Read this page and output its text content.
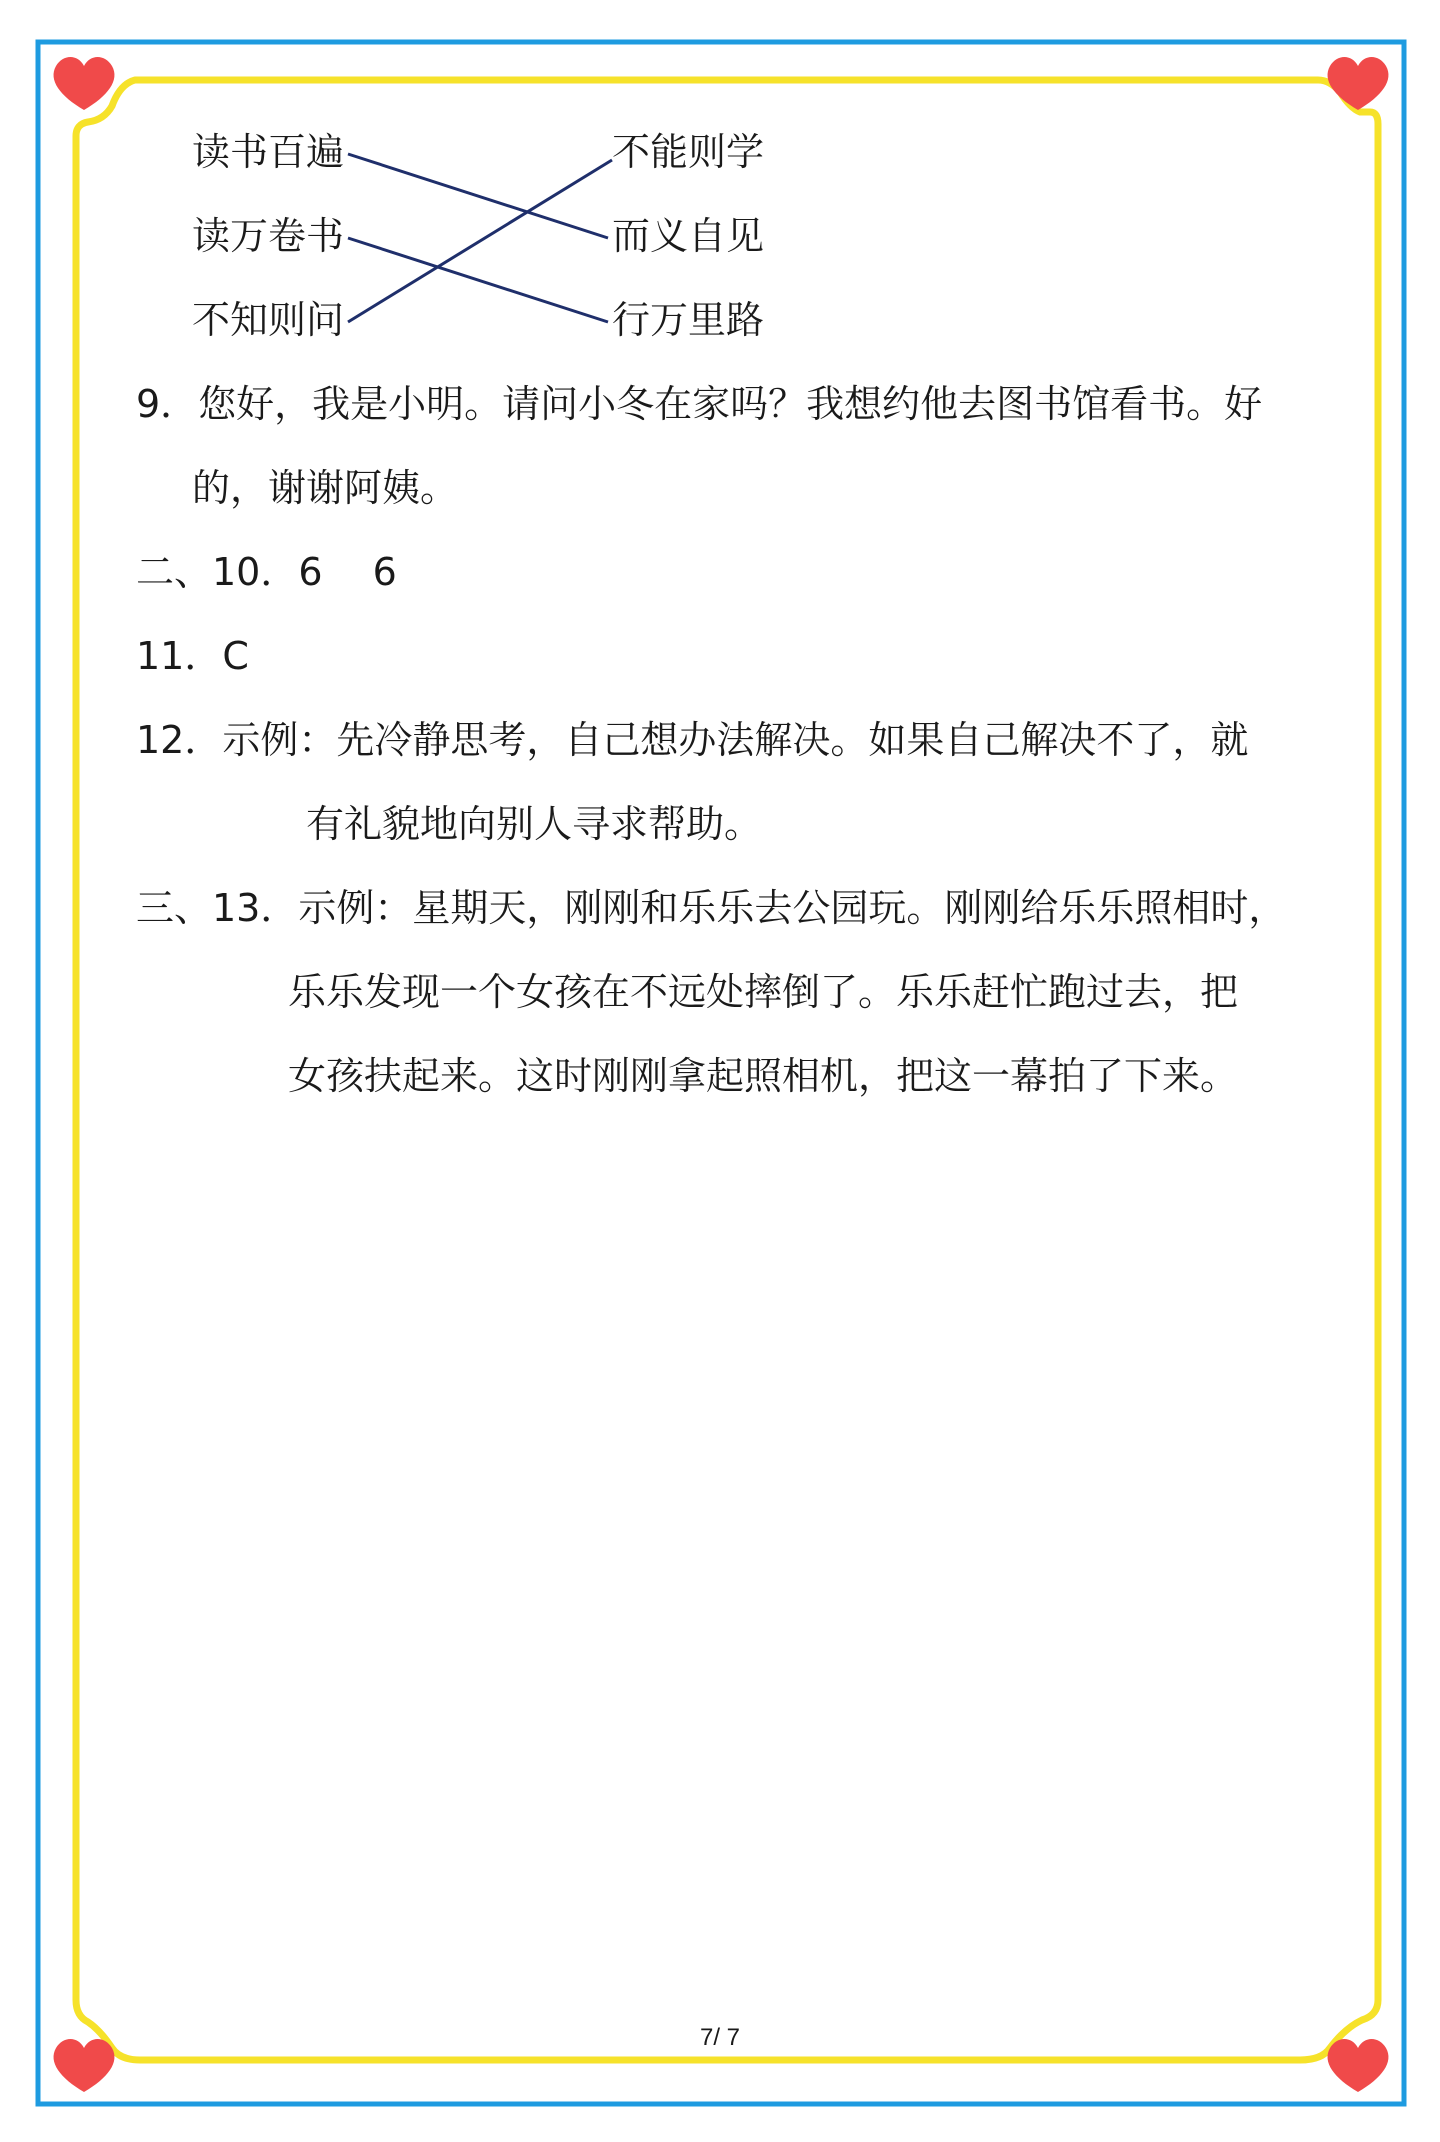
读书百遍
读万卷书
不知则问
不能则学
而义自见
行万里路
9．您好，我是小明。请问小冬在家吗？我想约他去图书馆看书。好
的，谢谢阿姨。
二、10．6　 6
11．C
12．示例：先冷静思考，自己想办法解决。如果自己解决不了，就
有礼貌地向别人寻求帮助。
三、13．示例：星期天，刚刚和乐乐去公园玩。刚刚给乐乐照相时，
乐乐发现一个女孩在不远处摔倒了。乐乐赶忙跑过去，把
女孩扶起来。这时刚刚拿起照相机，把这一幕拍了下来。
7/ 7
